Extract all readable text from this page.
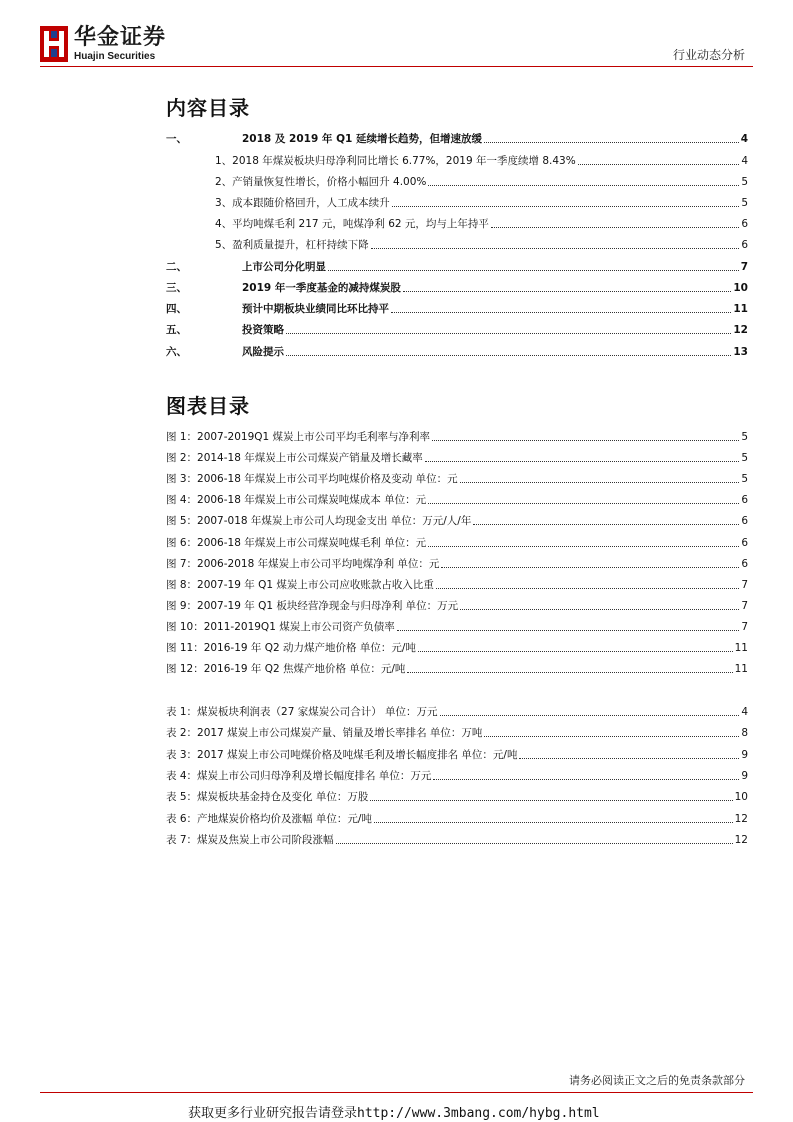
华金证券
Huajin Securities	行业动态分析
内容目录
一、	2018 及 2019 年 Q1 延续增长趋势，但增速放缓	4
1、2018 年煤炭板块归母净利同比增长 6.77%，2019 年一季度续增 8.43%	4
2、产销量恢复性增长，价格小幅回升 4.00%	5
3、成本跟随价格回升，人工成本续升	5
4、平均吨煤毛利 217 元，吨煤净利 62 元，均与上年持平	6
5、盈利质量提升，杠杆持续下降	6
二、	上市公司分化明显	7
三、	2019 年一季度基金的减持煤炭股	10
四、	预计中期板块业绩同比环比持平	11
五、	投资策略	12
六、	风险提示	13
图表目录
图 1：2007-2019Q1 煤炭上市公司平均毛利率与净利率	5
图 2：2014-18 年煤炭上市公司煤炭产销量及增长藏率	5
图 3：2006-18 年煤炭上市公司平均吨煤价格及变动 单位：元	5
图 4：2006-18 年煤炭上市公司煤炭吨煤成本 单位：元	6
图 5：2007-018 年煤炭上市公司人均现金支出 单位：万元/人/年	6
图 6：2006-18 年煤炭上市公司煤炭吨煤毛利 单位：元	6
图 7：2006-2018 年煤炭上市公司平均吨煤净利 单位：元	6
图 8：2007-19 年 Q1 煤炭上市公司应收账款占收入比重	7
图 9：2007-19 年 Q1 板块经营净现金与归母净利 单位：万元	7
图 10：2011-2019Q1 煤炭上市公司资产负债率	7
图 11：2016-19 年 Q2 动力煤产地价格 单位：元/吨	11
图 12：2016-19 年 Q2 焦煤产地价格 单位：元/吨	11
表 1：煤炭板块利润表（27 家煤炭公司合计） 单位：万元	4
表 2：2017 煤炭上市公司煤炭产量、销量及增长率排名 单位：万吨	8
表 3：2017 煤炭上市公司吨煤价格及吨煤毛利及增长幅度排名 单位：元/吨	9
表 4：煤炭上市公司归母净利及增长幅度排名 单位：万元	9
表 5：煤炭板块基金持仓及变化 单位：万股	10
表 6：产地煤炭价格均价及涨幅 单位：元/吨	12
表 7：煤炭及焦炭上市公司阶段涨幅	12
请务必阅读正文之后的免责条款部分
获取更多行业研究报告请登录http://www.3mbang.com/hybg.html
